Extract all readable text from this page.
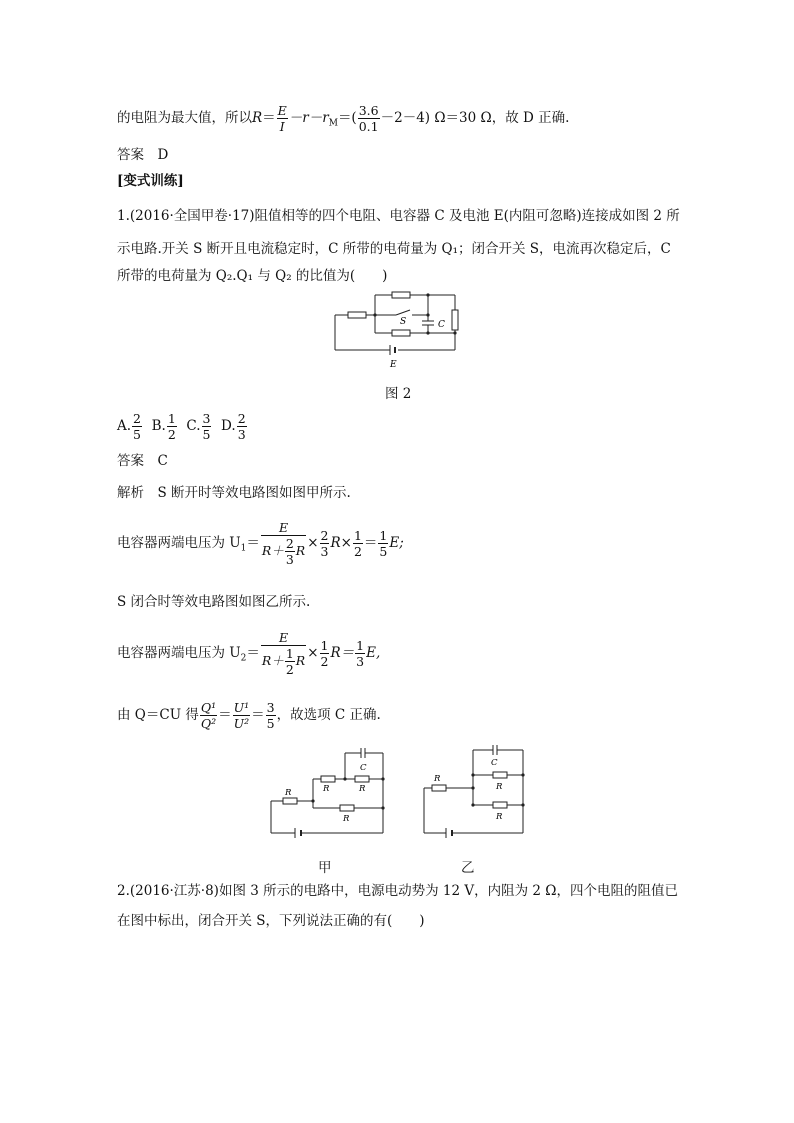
的电阻为最大值，所以$R= \frac{E}{I} -r-r_M=( \frac{3.6}{0.1} -2-4)$ Ω＝30 Ω，故 D 正确.
答案　D
[变式训练]
1.(2016·全国甲卷·17)阻值相等的四个电阻、电容器 C 及电池 E(内阻可忽略)连接成如图 2 所
示电路.开关 S 断开且电流稳定时，C 所带的电荷量为 Q₁；闭合开关 S，电流再次稳定后，C
所带的电荷量为 Q₂.Q₁ 与 Q₂ 的比值为(　　)
S	C
E
图 2
A. $\frac{2}{5} B$. $\frac{1}{2} C$. $\frac{3}{5} D$. $\frac{2}{3}$
答案　C
解析　S 断开时等效电路图如图甲所示.
电容器两端电压为 $U_1= \frac{E}{R+ \frac{2}{3} R} \times \frac{2}{3} R\times \frac{1}{2} = \frac{1}{5} E$;
S 闭合时等效电路图如图乙所示.
电容器两端电压为 $U_2= \frac{E}{R+ \frac{1}{2} R} \times \frac{1}{2} R= \frac{1}{3} E$,
由 Q＝CU 得 $\frac{\text{Q¹}}{\text{Q²}} = \frac{\text{U¹}}{\text{U²}} = \frac{3}{5}$ ，故选项 C 正确.
R	R	R
C
R
R
C
R
R
甲	乙
2.(2016·江苏·8)如图 3 所示的电路中，电源电动势为 12 V，内阻为 2 Ω，四个电阻的阻值已
在图中标出，闭合开关 S，下列说法正确的有(　　)
